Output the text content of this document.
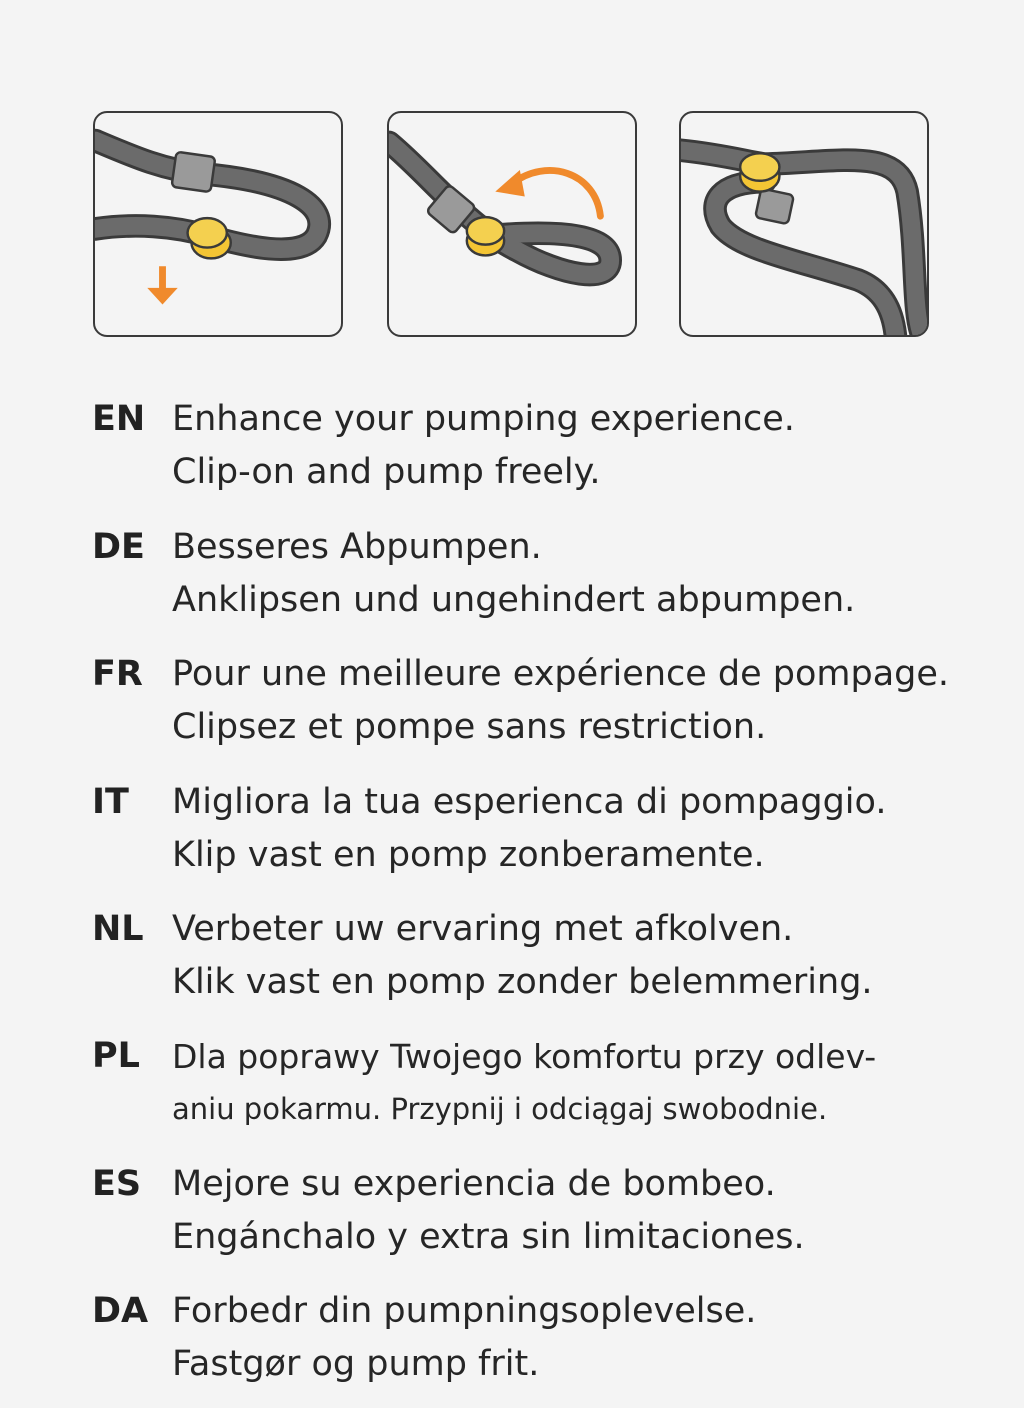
EN Enhance your pumping experience.
Clip-on and pump freely.
DE Besseres Abpumpen.
Anklipsen und ungehindert abpumpen.
FR Pour une meilleure expérience de pompage.
Clipsez et pompe sans restriction.
IT Migliora la tua esperienca di pompaggio.
Klip vast en pomp zonberamente.
NL Verbeter uw ervaring met afkolven.
Klik vast en pomp zonder belemmering.
PL Dla poprawy Twojego komfortu przy odlev-
aniu pokarmu. Przypnij i odciągaj swobodnie.
ES Mejore su experiencia de bombeo.
Engánchalo y extra sin limitaciones.
DA Forbedr din pumpningsoplevelse.
Fastgør og pump frit.
